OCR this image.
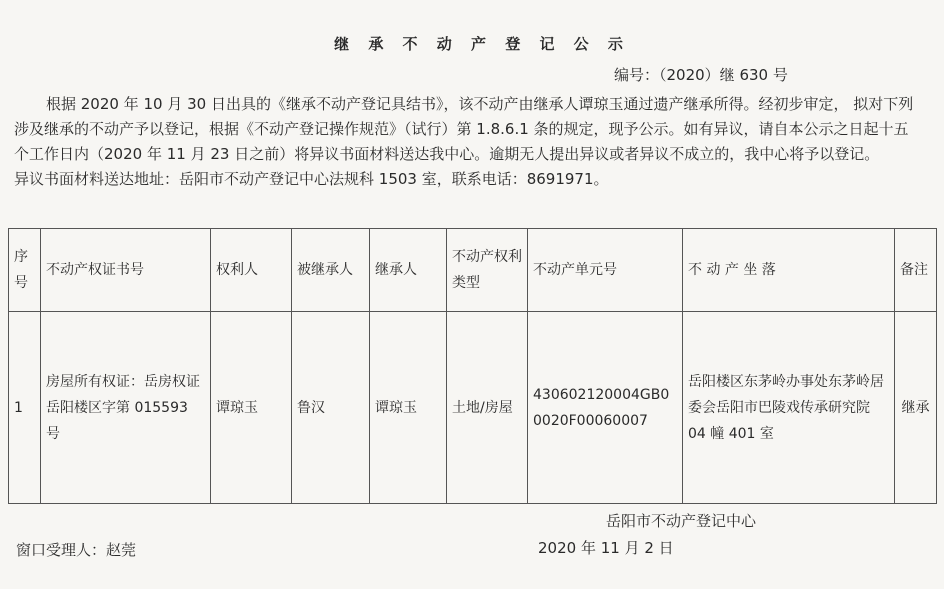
继 承 不 动 产 登 记 公 示
编号：（2020）继 630 号

根据 2020 年 10 月 30 日出具的《继承不动产登记具结书》，该不动产由继承人谭琼玉通过遗产继承所得。经初步审定， 拟对下列涉及继承的不动产予以登记，根据《不动产登记操作规范》（试行）第 1.8.6.1 条的规定，现予公示。如有异议，请自本公示之日起十五个工作日内（2020 年 11 月 23 日之前）将异议书面材料送达我中心。逾期无人提出异议或者异议不成立的，我中心将予以登记。

异议书面材料送达地址：岳阳市不动产登记中心法规科 1503 室，联系电话：8691971。

序号	不动产权证书号	权利人	被继承人	继承人	不动产权利类型	不动产单元号	不 动 产 坐 落	备注
1	房屋所有权证：岳房权证岳阳楼区字第 015593 号	谭琼玉	鲁汉	谭琼玉	土地/房屋	430602120004GB00020F00060007	岳阳楼区东茅岭办事处东茅岭居委会岳阳市巴陵戏传承研究院 04 幢 401 室	继承
岳阳市不动产登记中心
窗口受理人：赵莞	2020 年 11 月 2 日
